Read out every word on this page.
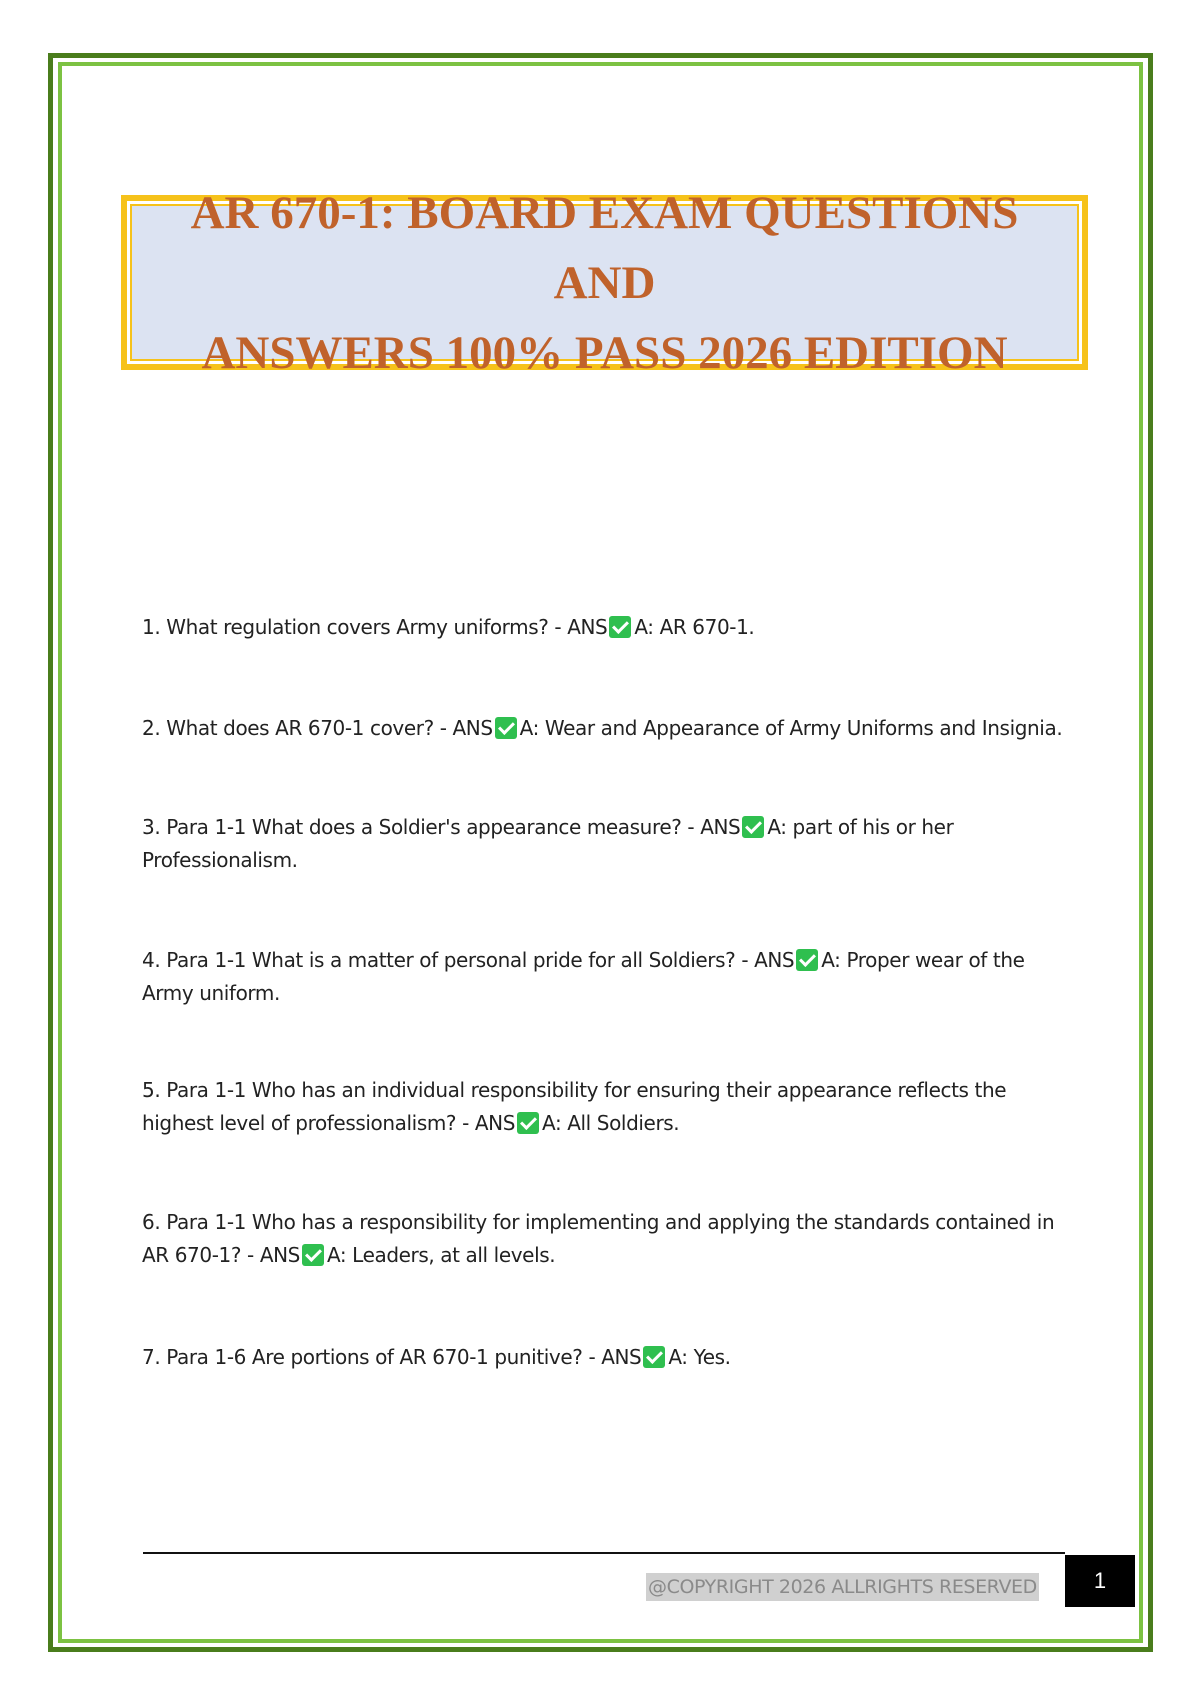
AR 670-1: BOARD EXAM QUESTIONS AND
ANSWERS 100% PASS 2026 EDITION
1. What regulation covers Army uniforms? - ANS A: AR 670-1.
2. What does AR 670-1 cover? - ANS A: Wear and Appearance of Army Uniforms and Insignia.
3. Para 1-1 What does a Soldier's appearance measure? - ANS A: part of his or her Professionalism.
4. Para 1-1 What is a matter of personal pride for all Soldiers? - ANS A: Proper wear of the Army uniform.
5. Para 1-1 Who has an individual responsibility for ensuring their appearance reflects the highest level of professionalism? - ANS A: All Soldiers.
6. Para 1-1 Who has a responsibility for implementing and applying the standards contained in AR 670-1? - ANS A: Leaders, at all levels.
7. Para 1-6 Are portions of AR 670-1 punitive? - ANS A: Yes.
@COPYRIGHT 2026 ALLRIGHTS RESERVED	1
